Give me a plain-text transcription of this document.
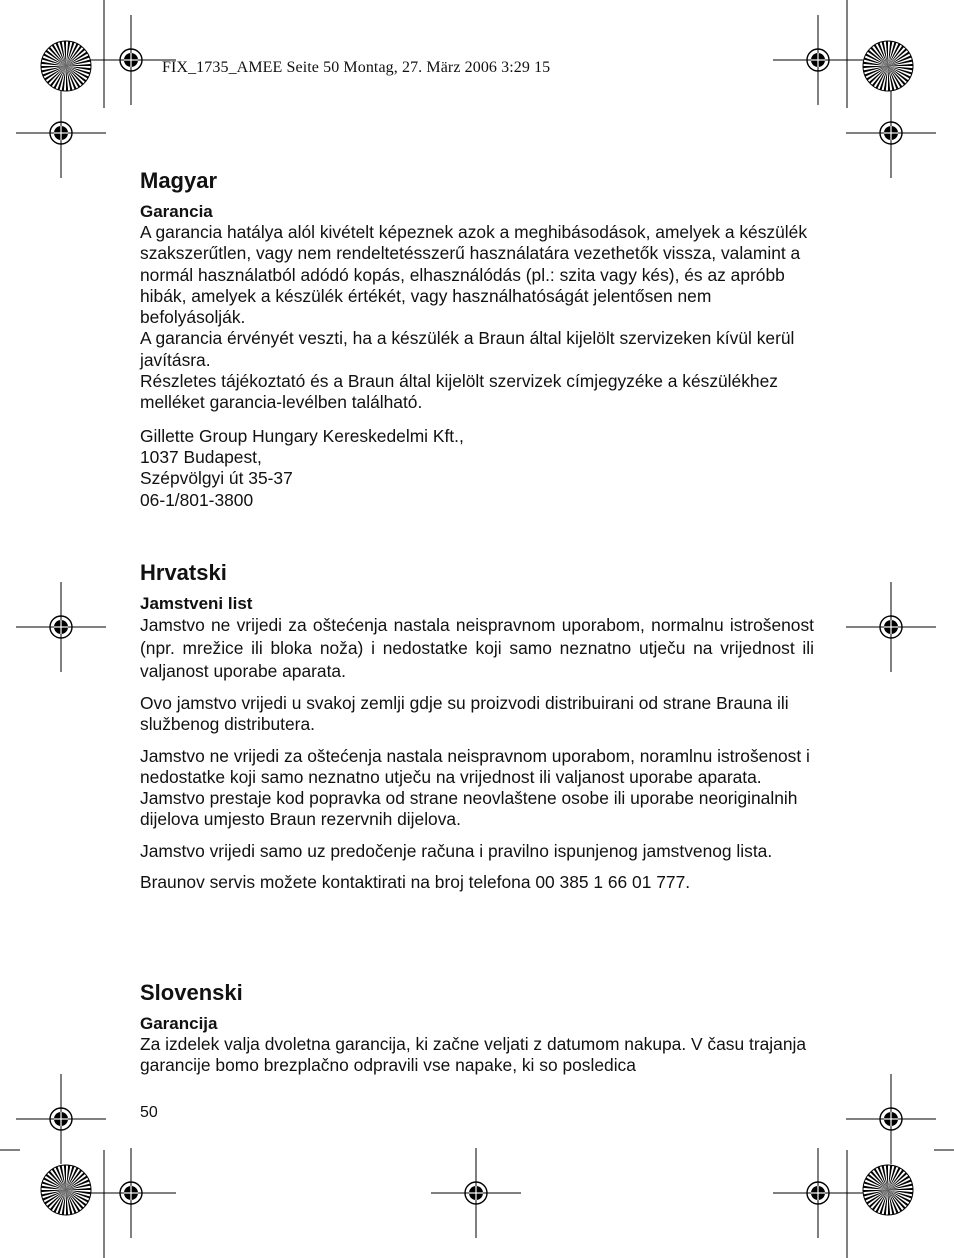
FIX_1735_AMEE Seite 50 Montag, 27. März 2006 3:29 15
Magyar
Garancia

A garancia hatálya alól kivételt képeznek azok a meghibásodások, amelyek a készülék szakszerűtlen, vagy nem rendeltetésszerű használatára vezethetők vissza, valamint a normál használatból adódó kopás, elhasználódás (pl.: szita vagy kés), és az apróbb hibák, amelyek a készülék értékét, vagy használhatóságát jelentősen nem befolyásolják.

A garancia érvényét veszti, ha a készülék a Braun által kijelölt szervizeken kívül kerül javításra.

Részletes tájékoztató és a Braun által kijelölt szervizek címjegyzéke a készülékhez melléket garancia-levélben található.

Gillette Group Hungary Kereskedelmi Kft.,

1037 Budapest,

Szépvölgyi út 35-37

06-1/801-3800

Hrvatski
Jamstveni list

Jamstvo ne vrijedi za oštećenja nastala neispravnom uporabom, normalnu istrošenost (npr. mrežice ili bloka noža) i nedostatke koji samo neznatno utječu na vrijednost ili valjanost uporabe aparata.

Ovo jamstvo vrijedi u svakoj zemlji gdje su proizvodi distribuirani od strane Brauna ili službenog distributera.

Jamstvo ne vrijedi za oštećenja nastala neispravnom uporabom, noramlnu istrošenost i nedostatke koji samo neznatno utječu na vrijednost ili valjanost uporabe aparata. Jamstvo prestaje kod popravka od strane neovlaštene osobe ili uporabe neoriginalnih dijelova umjesto Braun rezervnih dijelova.

Jamstvo vrijedi samo uz predočenje računa i pravilno ispunjenog jamstvenog lista.

Braunov servis možete kontaktirati na broj telefona 00 385 1 66 01 777.

Slovenski
Garancija

Za izdelek valja dvoletna garancija, ki začne veljati z datumom nakupa. V času trajanja garancije bomo brezplačno odpravili vse napake, ki so posledica

50
